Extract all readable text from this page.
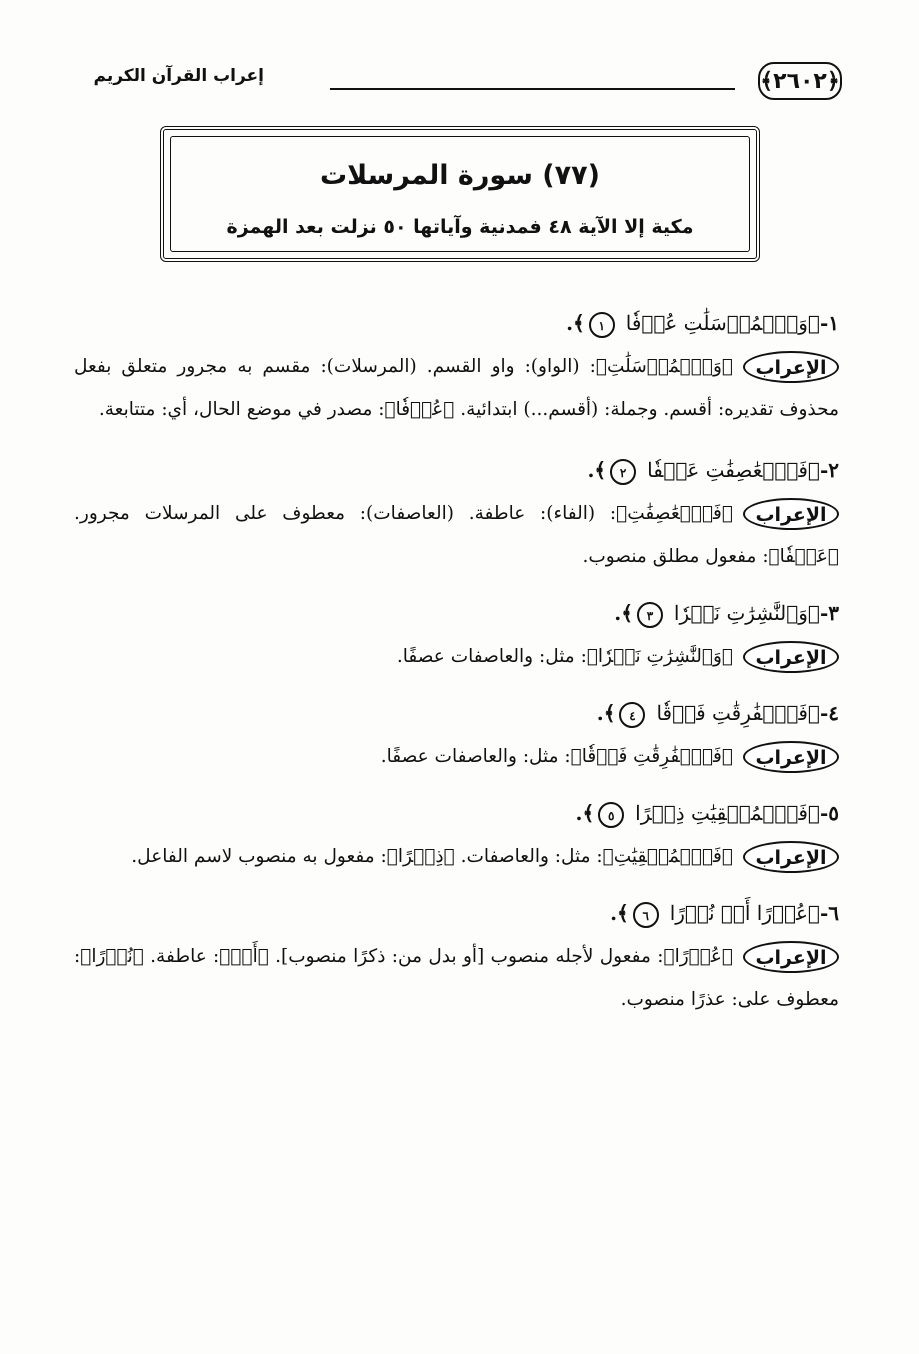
﴿٢٦٠٢﴾
إعراب القرآن الكريم
(٧٧) سورة المرسلات
مكية إلا الآية ٤٨ فمدنية وآياتها ٥٠ نزلت بعد الهمزة
١-﴿وَٱلۡمُرۡسَلَٰتِ عُرۡفٗا ١﴾.
الإعراب
﴿وَٱلۡمُرۡسَلَٰتِ﴾: (الواو): واو القسم. (المرسلات): مقسم به مجرور متعلق بفعل محذوف تقديره: أقسم. وجملة: (أقسم...) ابتدائية. ﴿عُرۡفٗا﴾: مصدر في موضع الحال، أي: متتابعة.
٢-﴿فَٱلۡعَٰصِفَٰتِ عَصۡفٗا ٢﴾.
الإعراب
﴿فَٱلۡعَٰصِفَٰتِ﴾: (الفاء): عاطفة. (العاصفات): معطوف على المرسلات مجرور. ﴿عَصۡفٗا﴾: مفعول مطلق منصوب.
٣-﴿وَٱلنَّٰشِرَٰتِ نَشۡرٗا ٣﴾.
الإعراب
﴿وَٱلنَّٰشِرَٰتِ نَشۡرٗا﴾: مثل: والعاصفات عصفًا.
٤-﴿فَٱلۡفَٰرِقَٰتِ فَرۡقٗا ٤﴾.
الإعراب
﴿فَٱلۡفَٰرِقَٰتِ فَرۡقٗا﴾: مثل: والعاصفات عصفًا.
٥-﴿فَٱلۡمُلۡقِيَٰتِ ذِكۡرًا ٥﴾.
الإعراب
﴿فَٱلۡمُلۡقِيَٰتِ﴾: مثل: والعاصفات. ﴿ذِكۡرًا﴾: مفعول به منصوب لاسم الفاعل.
٦-﴿عُذۡرًا أَوۡ نُذۡرًا ٦﴾.
الإعراب
﴿عُذۡرًا﴾: مفعول لأجله منصوب [أو بدل من: ذكرًا منصوب]. ﴿أَوۡ﴾: عاطفة. ﴿نُذۡرًا﴾: معطوف على: عذرًا منصوب.
